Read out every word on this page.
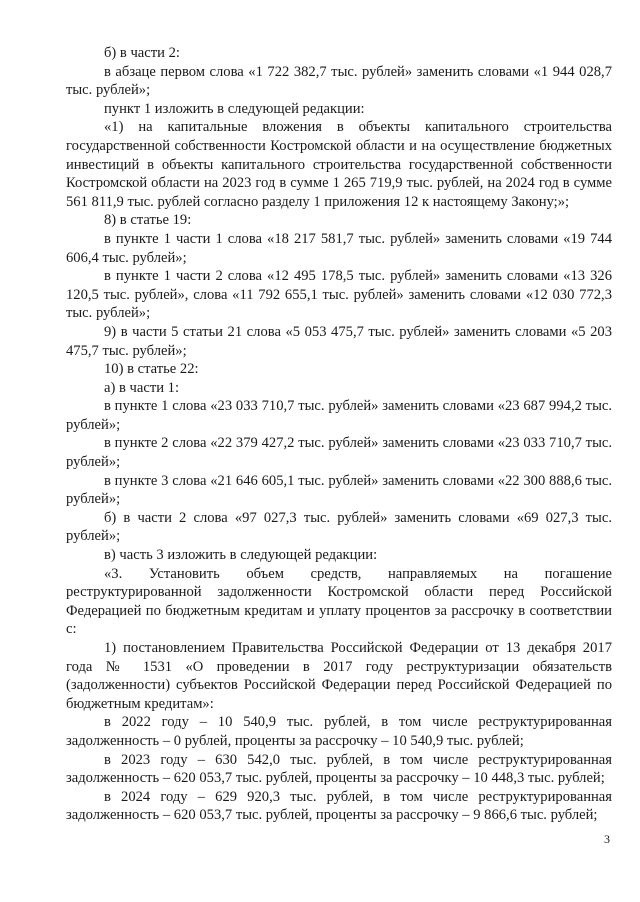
б) в части 2:

в абзаце первом слова «1 722 382,7 тыс. рублей» заменить словами «1 944 028,7 тыс. рублей»;

пункт 1 изложить в следующей редакции:

«1) на капитальные вложения в объекты капитального строительства государственной собственности Костромской области и на осуществление бюджетных инвестиций в объекты капитального строительства государственной собственности Костромской области на 2023 год в сумме 1 265 719,9 тыс. рублей, на 2024 год в сумме 561 811,9 тыс. рублей согласно разделу 1 приложения 12 к настоящему Закону;»;

8) в статье 19:

в пункте 1 части 1 слова «18 217 581,7 тыс. рублей» заменить словами «19 744 606,4 тыс. рублей»;

в пункте 1 части 2 слова «12 495 178,5 тыс. рублей» заменить словами «13 326 120,5 тыс. рублей», слова «11 792 655,1 тыс. рублей» заменить словами «12 030 772,3 тыс. рублей»;

9) в части 5 статьи 21 слова «5 053 475,7 тыс. рублей» заменить словами «5 203 475,7 тыс. рублей»;

10) в статье 22:

а) в части 1:

в пункте 1 слова «23 033 710,7 тыс. рублей» заменить словами «23 687 994,2 тыс. рублей»;

в пункте 2 слова «22 379 427,2 тыс. рублей» заменить словами «23 033 710,7 тыс. рублей»;

в пункте 3 слова «21 646 605,1 тыс. рублей» заменить словами «22 300 888,6 тыс. рублей»;

б) в части 2 слова «97 027,3 тыс. рублей» заменить словами «69 027,3 тыс. рублей»;

в) часть 3 изложить в следующей редакции:

«3. Установить объем средств, направляемых на погашение реструктурированной задолженности Костромской области перед Российской Федерацией по бюджетным кредитам и уплату процентов за рассрочку в соответствии с:

1) постановлением Правительства Российской Федерации от 13 декабря 2017 года № 1531 «О проведении в 2017 году реструктуризации обязательств (задолженности) субъектов Российской Федерации перед Российской Федерацией по бюджетным кредитам»:

в 2022 году – 10 540,9 тыс. рублей, в том числе реструктурированная задолженность – 0 рублей, проценты за рассрочку – 10 540,9 тыс. рублей;

в 2023 году – 630 542,0 тыс. рублей, в том числе реструктурированная задолженность – 620 053,7 тыс. рублей, проценты за рассрочку – 10 448,3 тыс. рублей;

в 2024 году – 629 920,3 тыс. рублей, в том числе реструктурированная задолженность – 620 053,7 тыс. рублей, проценты за рассрочку – 9 866,6 тыс. рублей;

3
